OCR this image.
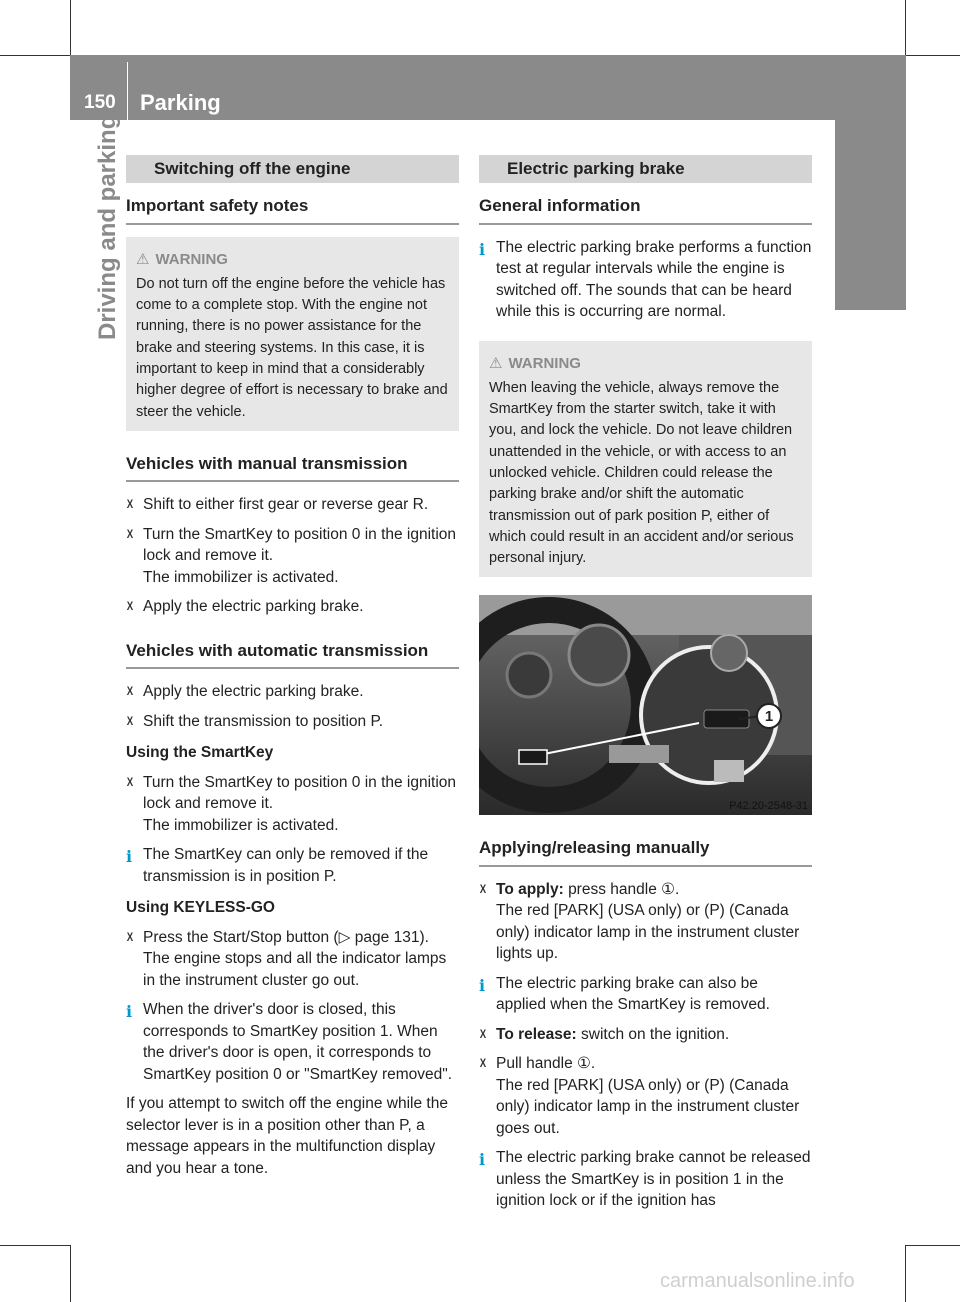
150 Parking
Driving and parking	Switching off the engine
Important safety notes
⚠ WARNING
Do not turn off the engine before the vehicle has come to a complete stop. With the engine not running, there is no power assistance for the brake and steering systems. In this case, it is important to keep in mind that a considerably higher degree of effort is necessary to brake and steer the vehicle.
Vehicles with manual transmission
X Shift to either first gear or reverse gear R.
X Turn the SmartKey to position 0 in the ignition lock and remove it.
The immobilizer is activated.
X Apply the electric parking brake.
Vehicles with automatic transmission
X Apply the electric parking brake.
X Shift the transmission to position P.
Using the SmartKey
X Turn the SmartKey to position 0 in the ignition lock and remove it.
The immobilizer is activated.
i The SmartKey can only be removed if the transmission is in position P.
Using KEYLESS-GO
X Press the Start/Stop button (▷ page 131).
The engine stops and all the indicator lamps in the instrument cluster go out.
i When the driver's door is closed, this corresponds to SmartKey position 1. When the driver's door is open, it corresponds to SmartKey position 0 or "SmartKey removed".

If you attempt to switch off the engine while the selector lever is in a position other than P, a message appears in the multifunction display and you hear a tone.

Electric parking brake
General information
i The electric parking brake performs a function test at regular intervals while the engine is switched off. The sounds that can be heard while this is occurring are normal.
⚠ WARNING
When leaving the vehicle, always remove the SmartKey from the starter switch, take it with you, and lock the vehicle. Do not leave children unattended in the vehicle, or with access to an unlocked vehicle. Children could release the parking brake and/or shift the automatic transmission out of park position P, either of which could result in an accident and/or serious personal injury.
1
P42.20-2548-31
Applying/releasing manually
X To apply: press handle ①.
The red [PARK] (USA only) or (P) (Canada only) indicator lamp in the instrument cluster lights up.
i The electric parking brake can also be applied when the SmartKey is removed.
X To release: switch on the ignition.
X Pull handle ①.
The red [PARK] (USA only) or (P) (Canada only) indicator lamp in the instrument cluster goes out.
i The electric parking brake cannot be released unless the SmartKey is in position 1 in the ignition lock or if the ignition has
carmanualsonline.info
